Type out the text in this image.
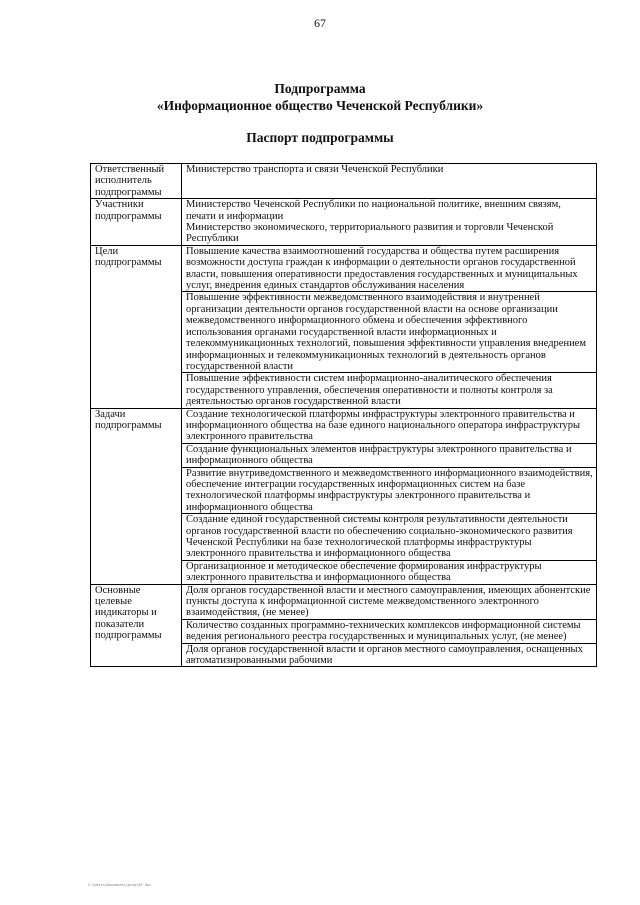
67
Подпрограмма
«Информационное общество Чеченской Республики»
Паспорт подпрограммы
Ответственный исполнитель подпрограммы	Министерство транспорта и связи Чеченской Республики
Участники подпрограммы	Министерство Чеченской Республики по национальной политике, внешним связям, печати и информации
Министерство экономического, территориального развития и торговли Чеченской Республики

Цели подпрограммы	Повышение качества взаимоотношений государства и общества путем расширения возможности доступа граждан к информации о деятельности органов государственной власти, повышения оперативности предоставления государственных и муниципальных услуг, внедрения единых стандартов обслуживания населения
	Повышение эффективности межведомственного взаимодействия и внутренней организации деятельности органов государственной власти на основе организации межведомственного информационного обмена и обеспечения эффективного использования органами государственной власти информационных и телекоммуникационных технологий, повышения эффективности управления внедрением информационных и телекоммуникационных технологий в деятельность органов государственной власти
	Повышение эффективности систем информационно-аналитического обеспечения государственного управления, обеспечения оперативности и полноты контроля за деятельностью органов государственной власти
Задачи подпрограммы	Создание технологической платформы инфраструктуры электронного правительства и информационного общества на базе единого национального оператора инфраструктуры электронного правительства
	Создание функциональных элементов инфраструктуры электронного правительства и информационного общества
	Развитие внутриведомственного и межведомственного информационного взаимодействия, обеспечение интеграции государственных информационных систем на базе технологической платформы инфраструктуры электронного правительства и информационного общества
	Создание единой государственной системы контроля результативности деятельности органов государственной власти по обеспечению социально-экономического развития Чеченской Республики на базе технологической платформы инфраструктуры электронного правительства и информационного общества
	Организационное и методическое обеспечение формирования инфраструктуры электронного правительства и информационного общества
Основные целевые индикаторы и показатели подпрограммы	Доля органов государственной власти и местного самоуправления, имеющих абонентские пункты доступа к информационной системе межведомственного электронного взаимодействия, (не менее)
	Количество созданных программно-технических комплексов информационной системы ведения регионального реестра государственных и муниципальных услуг, (не менее)
	Доля органов государственной власти и органов местного самоуправления, оснащенных автоматизированными рабочими
C:\Users\Documents\prog\67.doc
